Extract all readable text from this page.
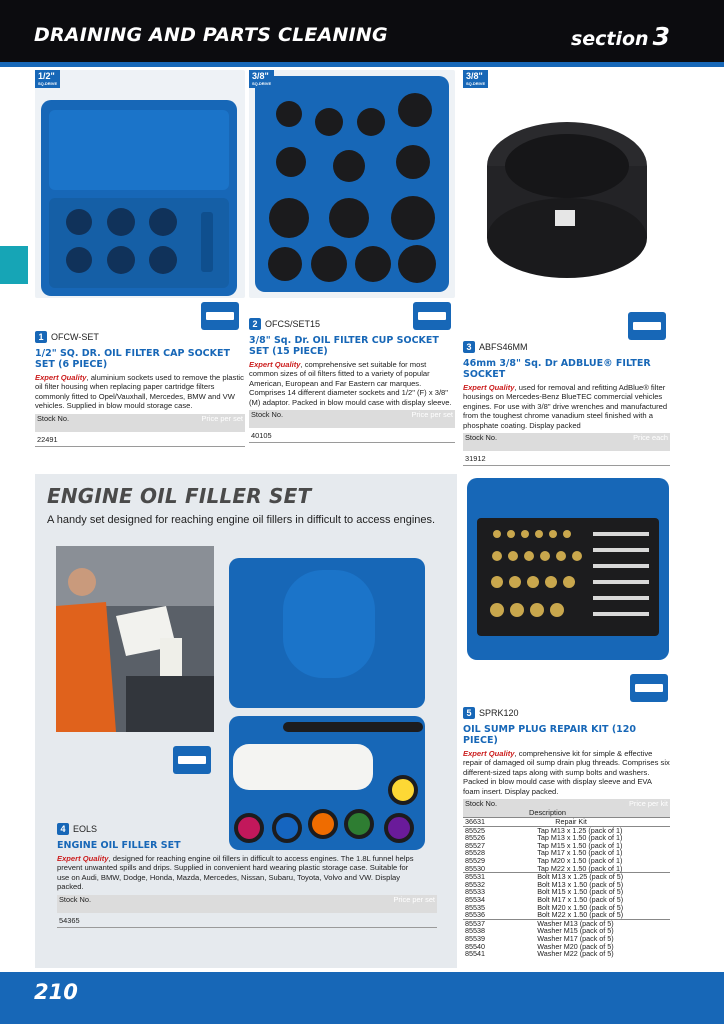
DRAINING AND PARTS CLEANING	section 3
1/2"
SQ.DRIVE
1 OFCW-SET
1/2" SQ. DR. OIL FILTER CAP SOCKET SET (6 PIECE)
Expert Quality, aluminium sockets used to remove the plastic oil filter housing when replacing paper cartridge filters commonly fitted to Opel/Vauxhall, Mercedes, BMW and VW vehicles. Supplied in blow mould storage case.
Stock No.	Price per set
22491
3/8"
SQ.DRIVE
2 OFCS/SET15
3/8" Sq. Dr. OIL FILTER CUP SOCKET SET (15 PIECE)
Expert Quality, comprehensive set suitable for most common sizes of oil filters fitted to a variety of popular American, European and Far Eastern car marques. Comprises 14 different diameter sockets and 1/2" (F) x 3/8" (M) adaptor. Packed in blow mould case with display sleeve.
Stock No.	Price per set
40105
3/8"
SQ.DRIVE
3 ABFS46MM
46mm 3/8" Sq. Dr ADBLUE® FILTER SOCKET
Expert Quality, used for removal and refitting AdBlue® filter housings on Mercedes-Benz BlueTEC commercial vehicles engines. For use with 3/8" drive wrenches and manufactured from the toughest chrome vanadium steel finished with a phosphate coating. Display packed
Stock No.	Price each
31912
ENGINE OIL FILLER SET
A handy set designed for reaching engine oil fillers in difficult to access engines.
4 EOLS
ENGINE OIL FILLER SET
Expert Quality, designed for reaching engine oil fillers in difficult to access engines. The 1.8L funnel helps prevent unwanted spills and drips. Supplied in convenient hard wearing plastic storage case. Suitable for use on Audi, BMW, Dodge, Honda, Mazda, Mercedes, Nissan, Subaru, Toyota, Volvo and VW. Display packed.
Stock No.	Price per set
54365
5 SPRK120
OIL SUMP PLUG REPAIR KIT (120 PIECE)
Expert Quality, comprehensive kit for simple & effective repair of damaged oil sump drain plug threads. Comprises six different-sized taps along with sump bolts and washers. Packed in blow mould case with display sleeve and EVA foam insert. Display packed.
Stock No.
Description
Price per kit
36631	Repair Kit
85525	Tap M13 x 1.25 (pack of 1)
85526	Tap M13 x 1.50 (pack of 1)
85527	Tap M15 x 1.50 (pack of 1)
85528	Tap M17 x 1.50 (pack of 1)
85529	Tap M20 x 1.50 (pack of 1)
85530	Tap M22 x 1.50 (pack of 1)
85531	Bolt M13 x 1.25 (pack of 5)
85532	Bolt M13 x 1.50 (pack of 5)
85533	Bolt M15 x 1.50 (pack of 5)
85534	Bolt M17 x 1.50 (pack of 5)
85535	Bolt M20 x 1.50 (pack of 5)
85536	Bolt M22 x 1.50 (pack of 5)
85537	Washer M13 (pack of 5)
85538	Washer M15 (pack of 5)
85539	Washer M17 (pack of 5)
85540	Washer M20 (pack of 5)
85541	Washer M22 (pack of 5)
210
